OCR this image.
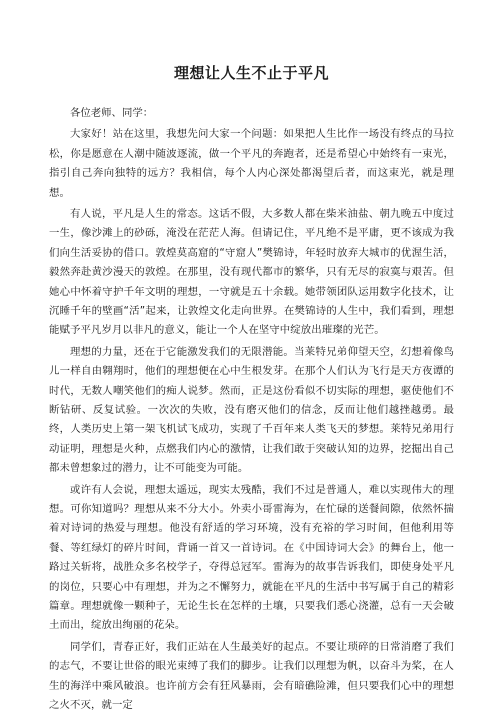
理想让人生不止于平凡
各位老师、同学：
大家好！站在这里，我想先问大家一个问题：如果把人生比作一场没有终点的马拉松，你是愿意在人潮中随波逐流，做一个平凡的奔跑者，还是希望心中始终有一束光，指引自己奔向独特的远方？我相信，每个人内心深处都渴望后者，而这束光，就是理想。
有人说，平凡是人生的常态。这话不假，大多数人都在柴米油盐、朝九晚五中度过一生，像沙滩上的砂砾，淹没在茫茫人海。但请记住，平凡绝不是平庸，更不该成为我们向生活妥协的借口。敦煌莫高窟的“守窟人”樊锦诗，年轻时放弃大城市的优渥生活，毅然奔赴黄沙漫天的敦煌。在那里，没有现代都市的繁华，只有无尽的寂寞与艰苦。但她心中怀着守护千年文明的理想，一守就是五十余载。她带领团队运用数字化技术，让沉睡千年的壁画“活”起来，让敦煌文化走向世界。在樊锦诗的人生中，我们看到，理想能赋予平凡岁月以非凡的意义，能让一个人在坚守中绽放出璀璨的光芒。
理想的力量，还在于它能激发我们的无限潜能。当莱特兄弟仰望天空，幻想着像鸟儿一样自由翱翔时，他们的理想便在心中生根发芽。在那个人们认为飞行是天方夜谭的时代，无数人嘲笑他们的痴人说梦。然而，正是这份看似不切实际的理想，驱使他们不断钻研、反复试验。一次次的失败，没有磨灭他们的信念，反而让他们越挫越勇。最终，人类历史上第一架飞机试飞成功，实现了千百年来人类飞天的梦想。莱特兄弟用行动证明，理想是火种，点燃我们内心的激情，让我们敢于突破认知的边界，挖掘出自己都未曾想象过的潜力，让不可能变为可能。
或许有人会说，理想太遥远，现实太残酷，我们不过是普通人，难以实现伟大的理想。可你知道吗？理想从来不分大小。外卖小哥雷海为，在忙碌的送餐间隙，依然怀揣着对诗词的热爱与理想。他没有舒适的学习环境，没有充裕的学习时间，但他利用等餐、等红绿灯的碎片时间，背诵一首又一首诗词。在《中国诗词大会》的舞台上，他一路过关斩将，战胜众多名校学子，夺得总冠军。雷海为的故事告诉我们，即使身处平凡的岗位，只要心中有理想，并为之不懈努力，就能在平凡的生活中书写属于自己的精彩篇章。理想就像一颗种子，无论生长在怎样的土壤，只要我们悉心浇灌，总有一天会破土而出，绽放出绚丽的花朵。
同学们，青春正好，我们正站在人生最美好的起点。不要让琐碎的日常消磨了我们的志气，不要让世俗的眼光束缚了我们的脚步。让我们以理想为帆，以奋斗为桨，在人生的海洋中乘风破浪。也许前方会有狂风暴雨，会有暗礁险滩，但只要我们心中的理想之火不灭，就一定
